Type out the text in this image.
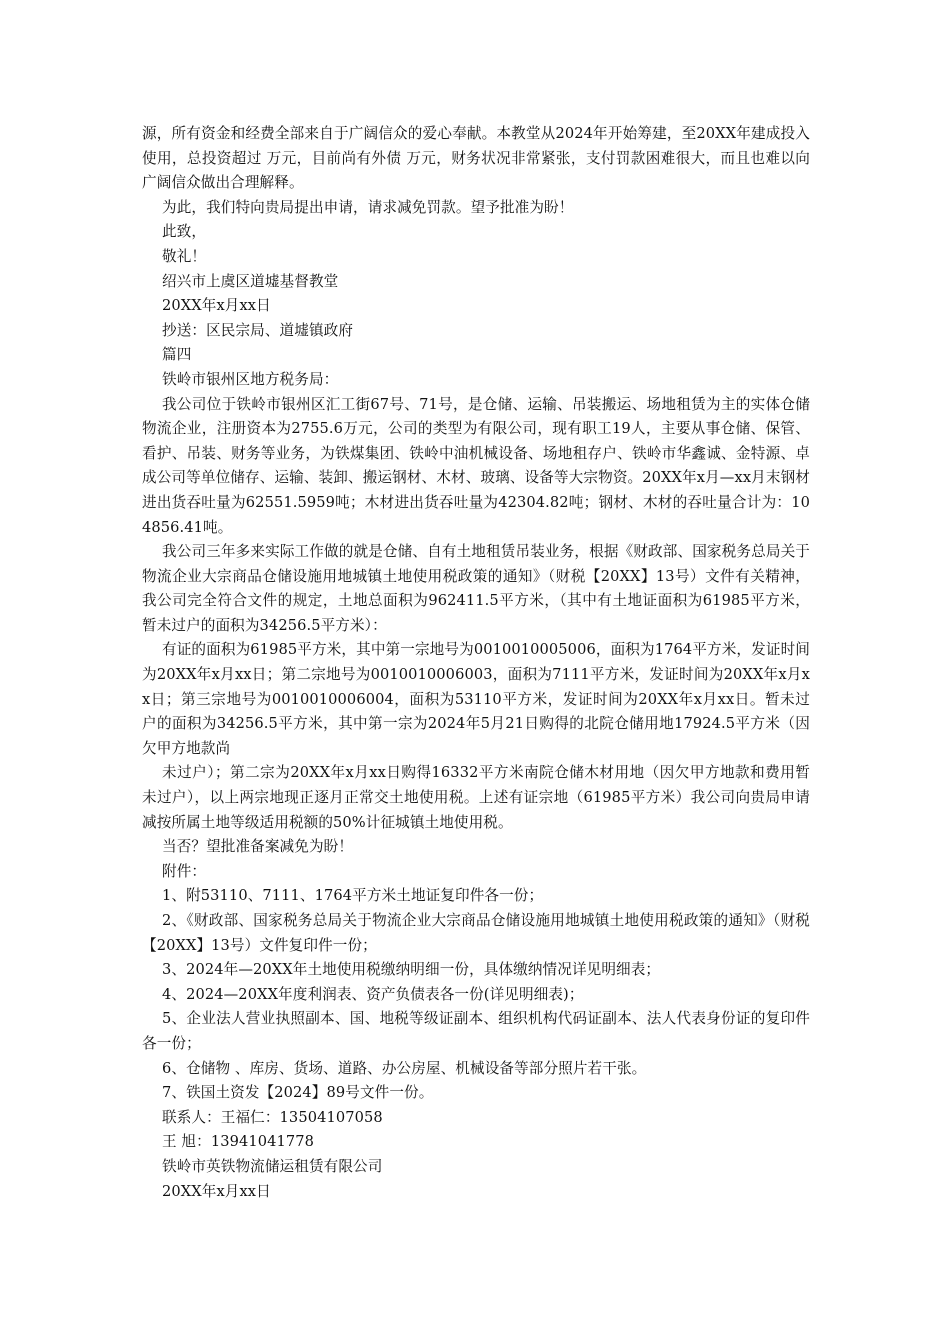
源，所有资金和经费全部来自于广阔信众的爱心奉献。本教堂从2024年开始筹建，至20XX年建成投入使用，总投资超过 万元，目前尚有外债 万元，财务状况非常紧张，支付罚款困难很大，而且也难以向广阔信众做出合理解释。

为此，我们特向贵局提出申请，请求减免罚款。望予批准为盼！

此致，

敬礼！

绍兴市上虞区道墟基督教堂

20XX年x月xx日

抄送：区民宗局、道墟镇政府

篇四

铁岭市银州区地方税务局：

我公司位于铁岭市银州区汇工街67号、71号，是仓储、运输、吊装搬运、场地租赁为主的实体仓储物流企业，注册资本为2755.6万元，公司的类型为有限公司，现有职工19人，主要从事仓储、保管、看护、吊装、财务等业务，为铁煤集团、铁岭中油机械设备、场地租存户、铁岭市华鑫诚、金特源、卓成公司等单位储存、运输、装卸、搬运钢材、木材、玻璃、设备等大宗物资。20XX年x月—xx月末钢材进出货吞吐量为62551.5959吨；木材进出货吞吐量为42304.82吨；钢材、木材的吞吐量合计为：104856.41吨。

我公司三年多来实际工作做的就是仓储、自有土地租赁吊装业务，根据《财政部、国家税务总局关于物流企业大宗商品仓储设施用地城镇土地使用税政策的通知》（财税【20XX】13号）文件有关精神，我公司完全符合文件的规定，土地总面积为962411.5平方米，（其中有土地证面积为61985平方米，暂未过户的面积为34256.5平方米）：

有证的面积为61985平方米，其中第一宗地号为0010010005006，面积为1764平方米，发证时间为20XX年x月xx日；第二宗地号为0010010006003，面积为7111平方米，发证时间为20XX年x月xx日；第三宗地号为0010010006004，面积为53110平方米，发证时间为20XX年x月xx日。暂未过户的面积为34256.5平方米，其中第一宗为2024年5月21日购得的北院仓储用地17924.5平方米（因欠甲方地款尚

未过户）；第二宗为20XX年x月xx日购得16332平方米南院仓储木材用地（因欠甲方地款和费用暂未过户），以上两宗地现正逐月正常交土地使用税。上述有证宗地（61985平方米）我公司向贵局申请减按所属土地等级适用税额的50%计征城镇土地使用税。

当否？望批准备案减免为盼！

附件：

1、附53110、7111、1764平方米土地证复印件各一份；

2、《财政部、国家税务总局关于物流企业大宗商品仓储设施用地城镇土地使用税政策的通知》（财税【20XX】13号）文件复印件一份；

3、2024年—20XX年土地使用税缴纳明细一份，具体缴纳情况详见明细表；

4、2024—20XX年度利润表、资产负债表各一份(详见明细表)；

5、企业法人营业执照副本、国、地税等级证副本、组织机构代码证副本、法人代表身份证的复印件各一份；

6、仓储物 、库房、货场、道路、办公房屋、机械设备等部分照片若干张。

7、铁国土资发【2024】89号文件一份。

联系人：王福仁：13504107058

王 旭：13941041778

铁岭市英铁物流储运租赁有限公司

20XX年x月xx日
